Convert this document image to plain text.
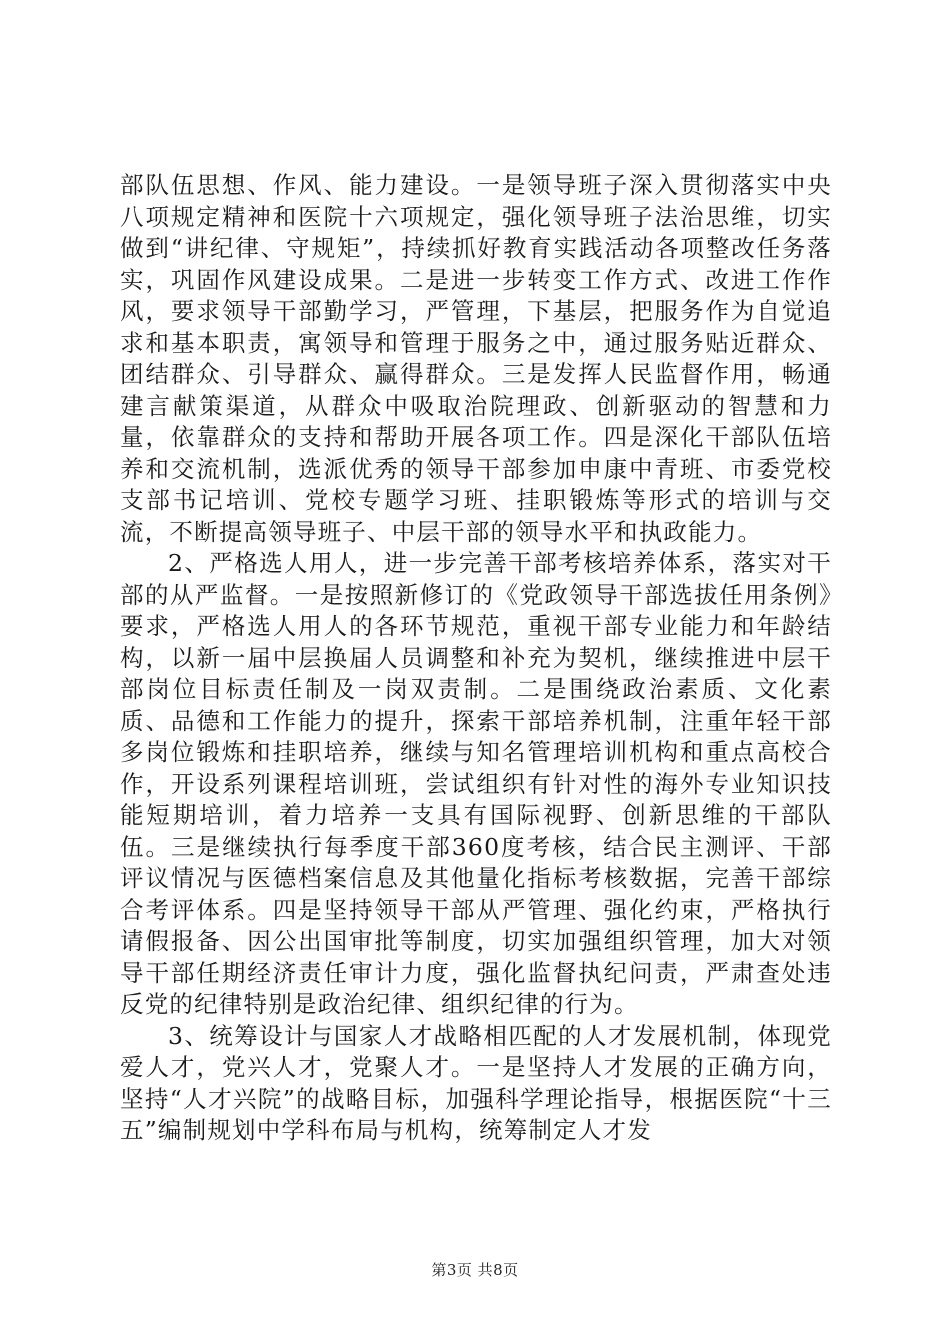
部队伍思想、作风、能力建设。一是领导班子深入贯彻落实中央八项规定精神和医院十六项规定，强化领导班子法治思维，切实做到“讲纪律、守规矩”，持续抓好教育实践活动各项整改任务落实，巩固作风建设成果。二是进一步转变工作方式、改进工作作风，要求领导干部勤学习，严管理，下基层，把服务作为自觉追求和基本职责，寓领导和管理于服务之中，通过服务贴近群众、团结群众、引导群众、赢得群众。三是发挥人民监督作用，畅通建言献策渠道，从群众中吸取治院理政、创新驱动的智慧和力量，依靠群众的支持和帮助开展各项工作。四是深化干部队伍培养和交流机制，选派优秀的领导干部参加申康中青班、市委党校支部书记培训、党校专题学习班、挂职锻炼等形式的培训与交流，不断提高领导班子、中层干部的领导水平和执政能力。

2、严格选人用人，进一步完善干部考核培养体系，落实对干部的从严监督。一是按照新修订的《党政领导干部选拔任用条例》要求，严格选人用人的各环节规范，重视干部专业能力和年龄结构，以新一届中层换届人员调整和补充为契机，继续推进中层干部岗位目标责任制及一岗双责制。二是围绕政治素质、文化素质、品德和工作能力的提升，探索干部培养机制，注重年轻干部多岗位锻炼和挂职培养，继续与知名管理培训机构和重点高校合作，开设系列课程培训班，尝试组织有针对性的海外专业知识技能短期培训，着力培养一支具有国际视野、创新思维的干部队伍。三是继续执行每季度干部360度考核，结合民主测评、干部评议情况与医德档案信息及其他量化指标考核数据，完善干部综合考评体系。四是坚持领导干部从严管理、强化约束，严格执行请假报备、因公出国审批等制度，切实加强组织管理，加大对领导干部任期经济责任审计力度，强化监督执纪问责，严肃查处违反党的纪律特别是政治纪律、组织纪律的行为。

3、统筹设计与国家人才战略相匹配的人才发展机制，体现党爱人才，党兴人才，党聚人才。一是坚持人才发展的正确方向，坚持“人才兴院”的战略目标，加强科学理论指导，根据医院“十三五”编制规划中学科布局与机构，统筹制定人才发

第3页 共8页
